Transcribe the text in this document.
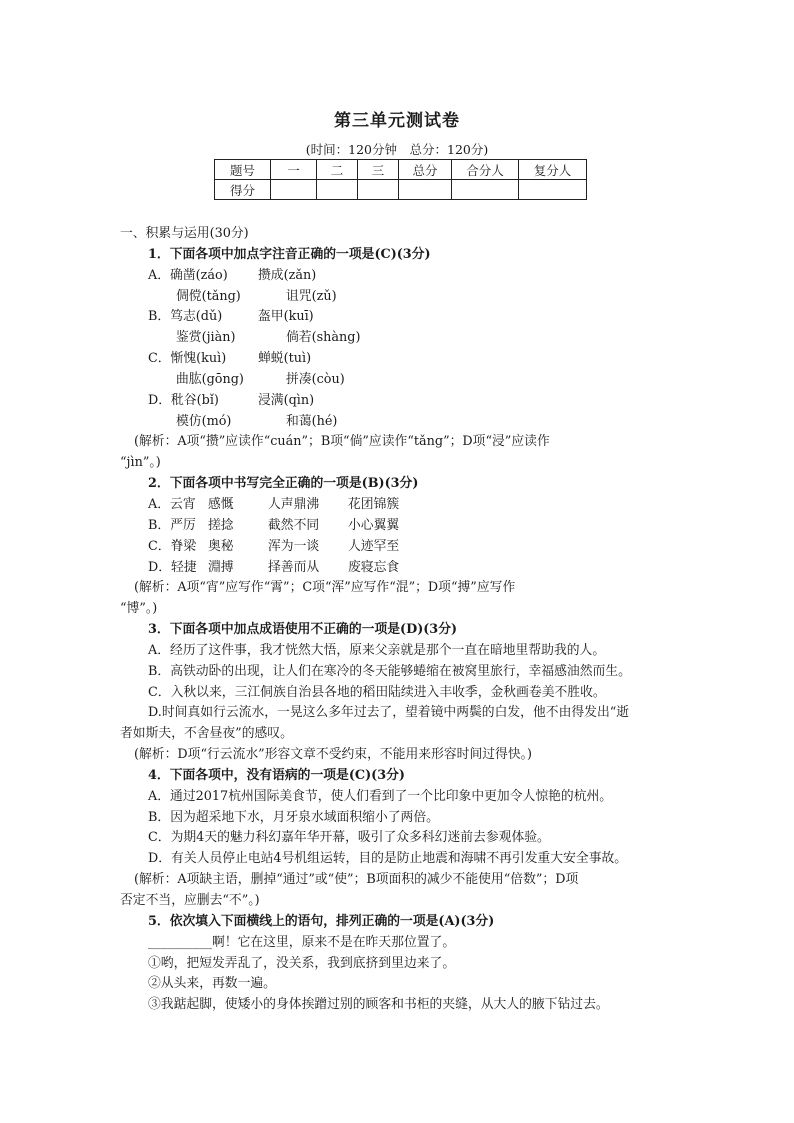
第三单元测试卷
(时间：120分钟　总分：120分)
题号	一	二	三	总分	合分人	复分人
得分						
一、积累与运用(30分)
1．下面各项中加点字注音正确的一项是(C)(3分)
A．确凿(záo) 攒成(zǎn)
倜傥(tǎng)	诅咒(zǔ)
B．笃志(dǔ)	盔甲(kuī)
鉴赏(jiàn)	倘若(shàng)
C．惭愧(kuì) 蝉蜕(tuì)
曲肱(gōng)	拼凑(còu)
D．秕谷(bǐ)	浸满(qìn)
模仿(mó)	和蔼(hé)
(解析：A项“攒”应读作“cuán”；B项“倘”应读作“tǎng”；D项“浸”应读作
“jìn”。)
2．下面各项中书写完全正确的一项是(B)(3分)
A．云宵 感慨	人声鼎沸 花团锦簇
B．严厉 搓捻	截然不同 小心翼翼
C．脊梁 奥秘	浑为一谈 人迹罕至
D．轻捷 淵搏	择善而从 废寝忘食
(解析：A项“宵”应写作“霄”；C项“浑”应写作“混”；D项“搏”应写作
“博”。)
3．下面各项中加点成语使用不正确的一项是(D)(3分)
A．经历了这件事，我才恍然大悟，原来父亲就是那个一直在暗地里帮助我的人。
B．高铁动卧的出现，让人们在寒冷的冬天能够蜷缩在被窝里旅行，幸福感油然而生。
C．入秋以来，三江侗族自治县各地的稻田陆续进入丰收季，金秋画卷美不胜收。
D.时间真如行云流水，一晃这么多年过去了，望着镜中两鬓的白发，他不由得发出“逝
者如斯夫，不舍昼夜”的感叹。
(解析：D项“行云流水”形容文章不受约束，不能用来形容时间过得快。)
4．下面各项中，没有语病的一项是(C)(3分)
A．通过2017杭州国际美食节，使人们看到了一个比印象中更加令人惊艳的杭州。
B．因为超采地下水，月牙泉水域面积缩小了两倍。
C．为期4天的魅力科幻嘉年华开幕，吸引了众多科幻迷前去参观体验。
D．有关人员停止电站4号机组运转，目的是防止地震和海啸不再引发重大安全事故。
(解析：A项缺主语，删掉“通过”或“使”；B项面积的减少不能使用“倍数”；D项
否定不当，应删去“不”。)
5．依次填入下面横线上的语句，排列正确的一项是(A)(3分)
__________啊！它在这里，原来不是在昨天那位置了。
①哟，把短发弄乱了，没关系，我到底挤到里边来了。
②从头来，再数一遍。
③我踮起脚，使矮小的身体挨蹭过别的顾客和书柜的夹缝，从大人的腋下钻过去。
